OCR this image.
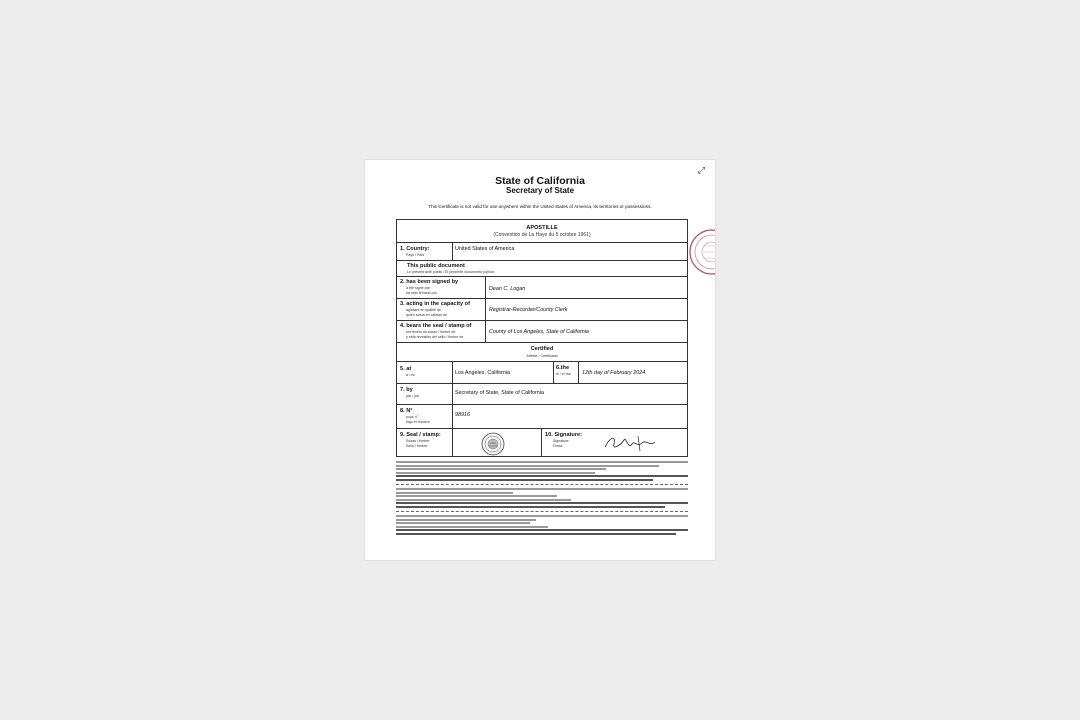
⤢
State of California
Secretary of State
This Certificate is not valid for use anywhere within the United States of America, its territories or possessions.
APOSTILLE
(Convention de La Haye du 5 octobre 1961)
1. Country:
Pays / País
United States of America
This public document
Le présent acte public / El presente documento público
2. has been signed by
a été signé par
ha sido firmado por
Dean C. Logan
3. acting in the capacity of
agissant en qualité de
quien actúa en calidad de
Registrar-Recorder/County Clerk
4. bears the seal / stamp of
est revêtu du sceau / timbre de
y está revestido del sello / timbre de
County of Los Angeles, State of California
Certified
Attesté / Certificado
5. at
à / en	Los Angeles, California
6.the
le / el día 12th day of February 2024
7. by
par / por	Secretary of State, State of California
8. N°
sous n°
bajo el número
98916
9. Seal / stamp:
Sceau / timbre:
Sello / timbre:
10. Signature:
Signature:
Firma:
